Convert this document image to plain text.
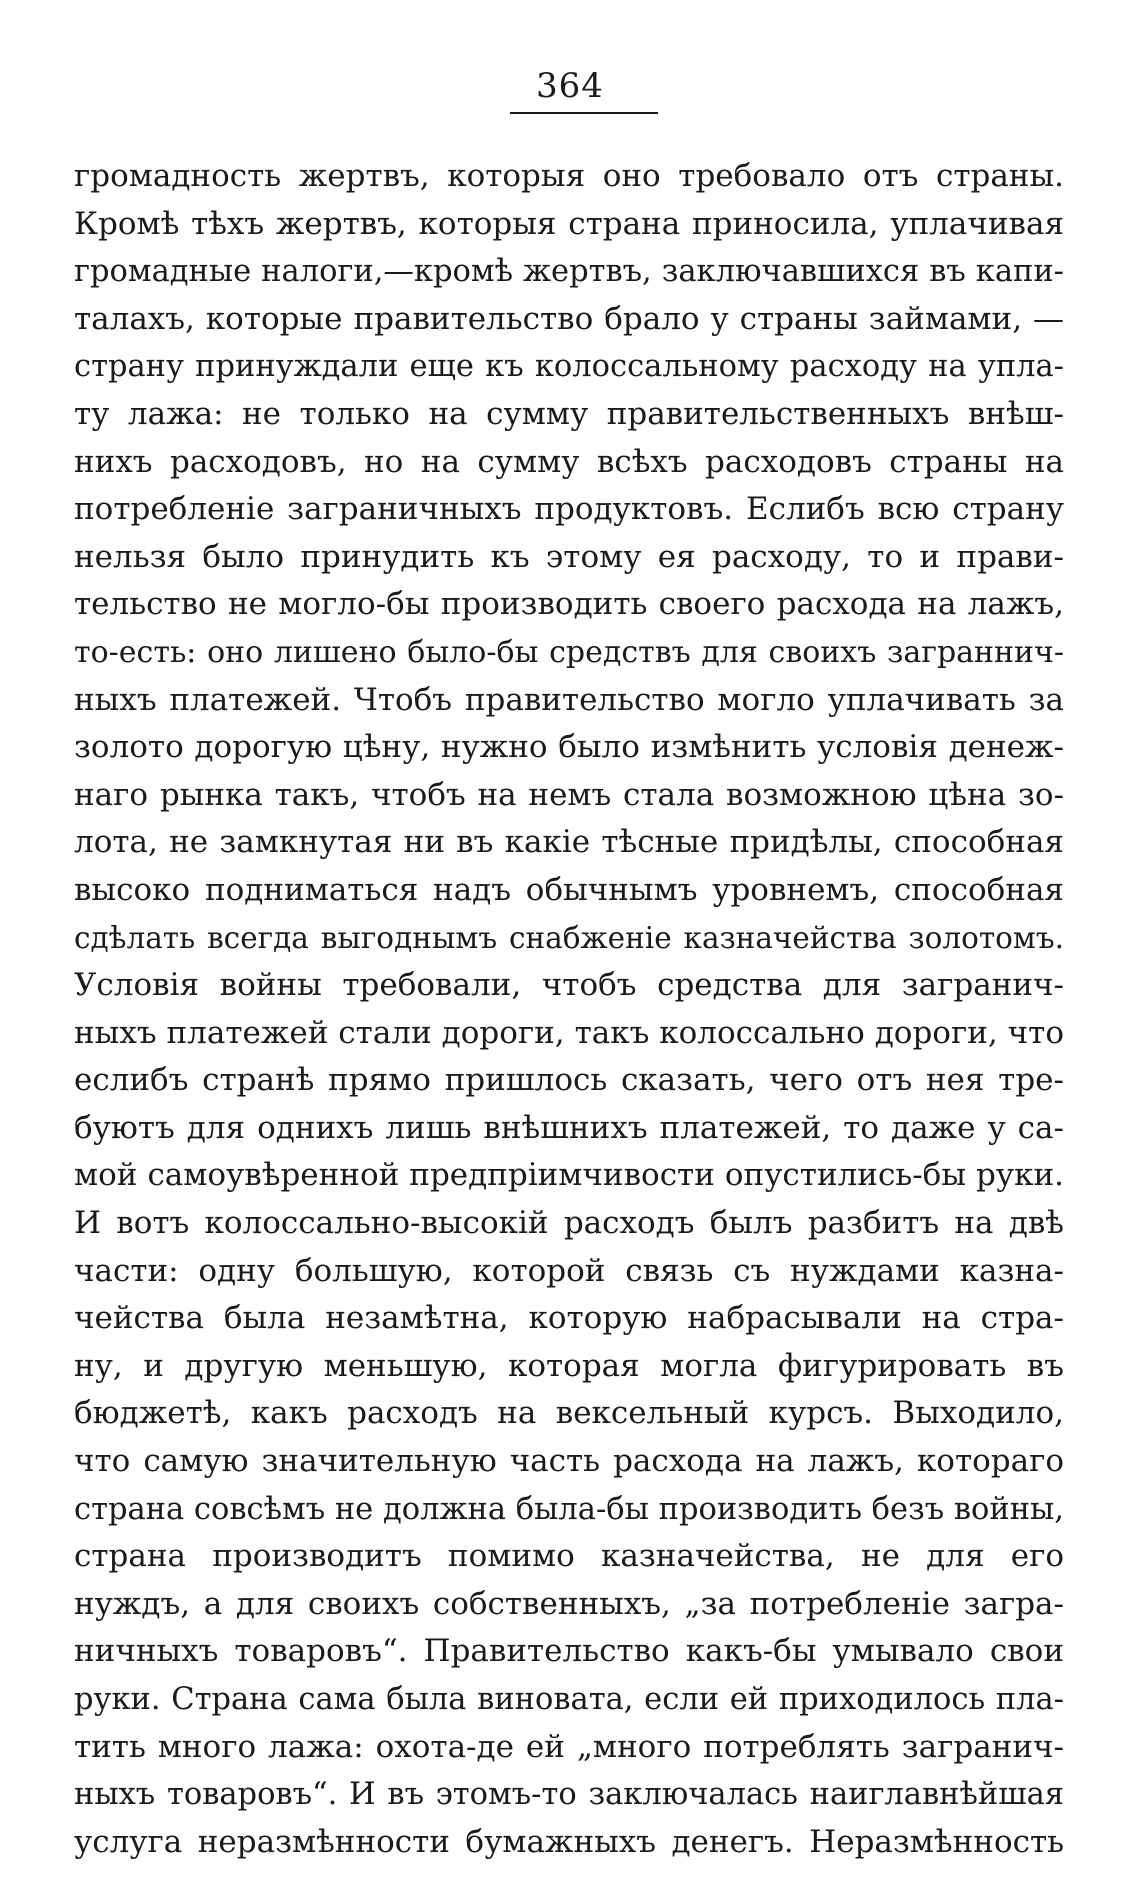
364
громадность жертвъ, которыя оно требовало отъ страны.
Кромѣ тѣхъ жертвъ, которыя страна приносила, уплачивая
громадные налоги,—кромѣ жертвъ, заключавшихся въ капи-
талахъ, которые правительство брало у страны займами, —
страну принуждали еще къ колоссальному расходу на упла-
ту лажа: не только на сумму правительственныхъ внѣш-
нихъ расходовъ, но на сумму всѣхъ расходовъ страны на
потребленіе заграничныхъ продуктовъ. Еслибъ всю страну
нельзя было принудить къ этому ея расходу, то и прави-
тельство не могло-бы производить своего расхода на лажъ,
то-есть: оно лишено было-бы средствъ для своихъ заграннич-
ныхъ платежей. Чтобъ правительство могло уплачивать за
золото дорогую цѣну, нужно было измѣнить условія денеж-
наго рынка такъ, чтобъ на немъ стала возможною цѣна зо-
лота, не замкнутая ни въ какіе тѣсные придѣлы, способная
высоко подниматься надъ обычнымъ уровнемъ, способная
сдѣлать всегда выгоднымъ снабженіе казначейства золотомъ.
Условія войны требовали, чтобъ средства для загранич-
ныхъ платежей стали дороги, такъ колоссально дороги, что
еслибъ странѣ прямо пришлось сказать, чего отъ нея тре-
буютъ для однихъ лишь внѣшнихъ платежей, то даже у са-
мой самоувѣренной предпріимчивости опустились-бы руки.
И вотъ колоссально-высокій расходъ былъ разбитъ на двѣ
части: одну большую, которой связь съ нуждами казна-
чейства была незамѣтна, которую набрасывали на стра-
ну, и другую меньшую, которая могла фигурировать въ
бюджетѣ, какъ расходъ на вексельный курсъ. Выходило,
что самую значительную часть расхода на лажъ, котораго
страна совсѣмъ не должна была-бы производить безъ войны,
страна производитъ помимо казначейства, не для его
нуждъ, а для своихъ собственныхъ, „за потребленіе загра-
ничныхъ товаровъ“. Правительство какъ-бы умывало свои
руки. Страна сама была виновата, если ей приходилось пла-
тить много лажа: охота-де ей „много потреблять загранич-
ныхъ товаровъ“. И въ этомъ-то заключалась наиглавнѣйшая
услуга неразмѣнности бумажныхъ денегъ. Неразмѣнность
